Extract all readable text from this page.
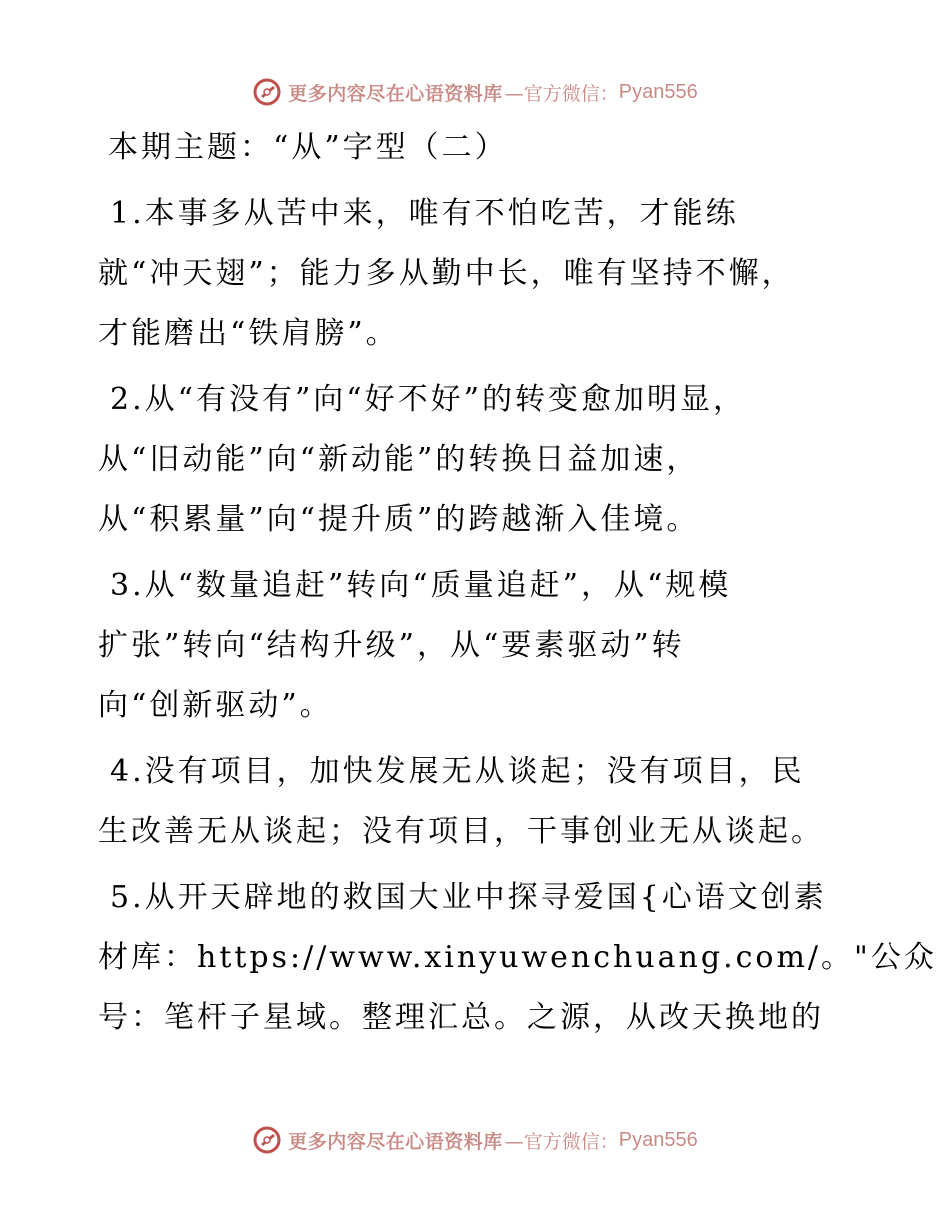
更多内容尽在心语资料库 —官方微信： Pyan556
本期主题：“从”字型（二）
1.本事多从苦中来，唯有不怕吃苦，才能练
就“冲天翅”；能力多从勤中长，唯有坚持不懈，
才能磨出“铁肩膀”。
2.从“有没有”向“好不好”的转变愈加明显，
从“旧动能”向“新动能”的转换日益加速，
从“积累量”向“提升质”的跨越渐入佳境。
3.从“数量追赶”转向“质量追赶”，从“规模
扩张”转向“结构升级”，从“要素驱动”转
向“创新驱动”。
4.没有项目，加快发展无从谈起；没有项目，民
生改善无从谈起；没有项目，干事创业无从谈起。
5.从开天辟地的救国大业中探寻爱国{心语文创素
材库：https://www.xinyuwenchuang.com/。"公众
号：笔杆子星域。整理汇总。之源，从改天换地的
更多内容尽在心语资料库 —官方微信： Pyan556
